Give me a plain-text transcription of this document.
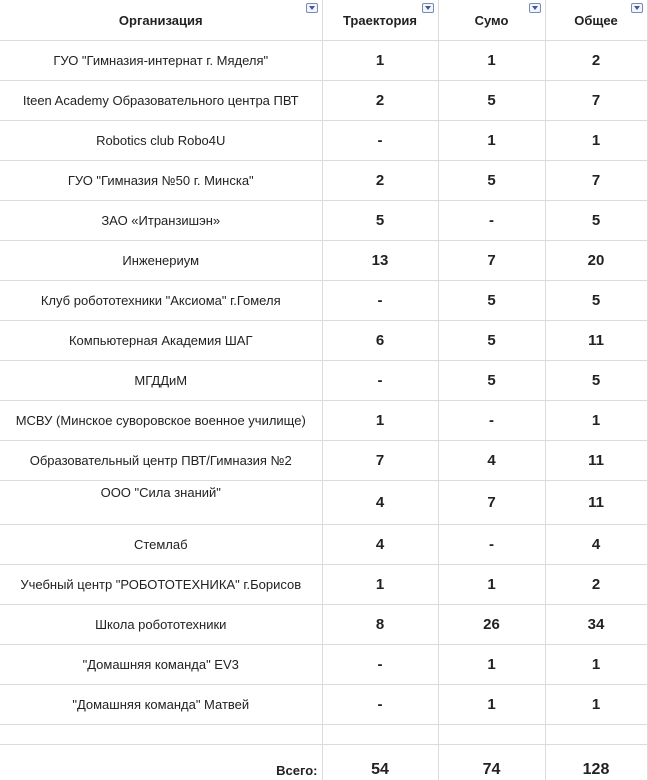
Организация	Траектория	Сумо	Общее

ГУО "Гимназия-интернат г. Мяделя"	1	1	2
Iteen Academy Образовательного центра ПВТ	2	5	7
Robotics club Robo4U	-	1	1
ГУО "Гимназия №50 г. Минска"	2	5	7
ЗАО «Итранзишэн»	5	-	5
Инженериум	13	7	20
Клуб робототехники "Аксиома" г.Гомеля	-	5	5
Компьютерная Академия ШАГ	6	5	11
МГДДиМ	-	5	5
МСВУ (Минское суворовское военное училище)	1	-	1
Образовательный центр ПВТ/Гимназия №2	7	4	11
ООО "Сила знаний"	4	7	11
Стемлаб	4	-	4
Учебный центр "РОБОТОТЕХНИКА" г.Борисов	1	1	2
Школа робототехники	8	26	34
"Домашняя команда" EV3	-	1	1
"Домашняя команда" Матвей	-	1	1

Всего:	54	74	128
